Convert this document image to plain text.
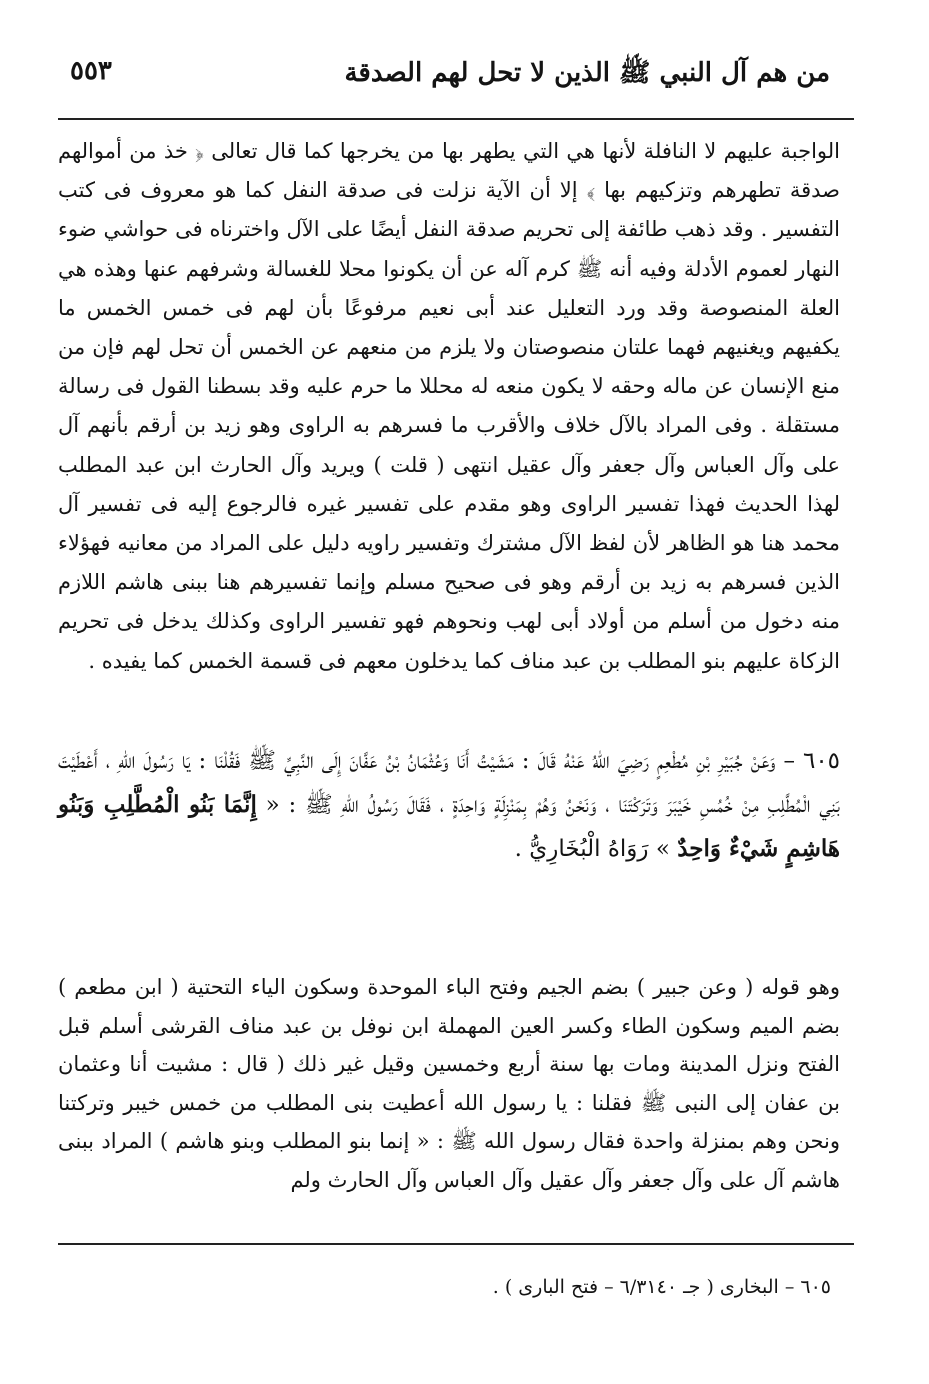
من هم آل النبي ﷺ الذين لا تحل لهم الصدقة
٥٥٣

الواجبة عليهم لا النافلة لأنها هي التي يطهر بها من يخرجها كما قال تعالى ﴿ خذ من أموالهم صدقة تطهرهم وتزكيهم بها ﴾ إلا أن الآية نزلت فى صدقة النفل كما هو معروف فى كتب التفسير . وقد ذهب طائفة إلى تحريم صدقة النفل أيضًا على الآل واخترناه فى حواشي ضوء النهار لعموم الأدلة وفيه أنه ﷺ كرم آله عن أن يكونوا محلا للغسالة وشرفهم عنها وهذه هي العلة المنصوصة وقد ورد التعليل عند أبى نعيم مرفوعًا بأن لهم فى خمس الخمس ما يكفيهم ويغنيهم فهما علتان منصوصتان ولا يلزم من منعهم عن الخمس أن تحل لهم فإن من منع الإنسان عن ماله وحقه لا يكون منعه له محللا ما حرم عليه وقد بسطنا القول فى رسالة مستقلة . وفى المراد بالآل خلاف والأقرب ما فسرهم به الراوى وهو زيد بن أرقم بأنهم آل على وآل العباس وآل جعفر وآل عقيل انتهى ( قلت ) ويريد وآل الحارث ابن عبد المطلب لهذا الحديث فهذا تفسير الراوى وهو مقدم على تفسير غيره فالرجوع إليه فى تفسير آل محمد هنا هو الظاهر لأن لفظ الآل مشترك وتفسير راويه دليل على المراد من معانيه فهؤلاء الذين فسرهم به زيد بن أرقم وهو فى صحيح مسلم وإنما تفسيرهم هنا ببنى هاشم اللازم منه دخول من أسلم من أولاد أبى لهب ونحوهم فهو تفسير الراوى وكذلك يدخل فى تحريم الزكاة عليهم بنو المطلب بن عبد مناف كما يدخلون معهم فى قسمة الخمس كما يفيده .

٦٠٥ – وَعَنْ جُبَيْرِ بْنِ مُطْعِمٍ رَضِيَ اللهُ عَنْهُ قَالَ : مَشَيْتُ أَنَا وَعُثْمَانُ بْنُ عَفَّانَ إِلَى النَّبِيِّ ﷺ فَقُلْنَا : يَا رَسُولَ اللهِ ، أَعْطَيْتَ بَنِي الْمُطَّلِبِ مِنْ خُمُسِ خَيْبَرَ وَتَرَكْتَنَا ، وَنَحْنُ وَهُمْ بِمَنْزِلَةٍ وَاحِدَةٍ ، فَقَالَ رَسُولُ اللهِ ﷺ : « إِنَّمَا بَنُو الْمُطَّلِبِ وَبَنُو هَاشِمٍ شَيْءٌ وَاحِدٌ » رَوَاهُ الْبُخَارِيُّ .

وهو قوله ( وعن جبير ) بضم الجيم وفتح الباء الموحدة وسكون الياء التحتية ( ابن مطعم ) بضم الميم وسكون الطاء وكسر العين المهملة ابن نوفل بن عبد مناف القرشى أسلم قبل الفتح ونزل المدينة ومات بها سنة أربع وخمسين وقيل غير ذلك ( قال : مشيت أنا وعثمان بن عفان إلى النبى ﷺ فقلنا : يا رسول الله أعطيت بنى المطلب من خمس خيبر وتركتنا ونحن وهم بمنزلة واحدة فقال رسول الله ﷺ : « إنما بنو المطلب وبنو هاشم ) المراد ببنى هاشم آل على وآل جعفر وآل عقيل وآل العباس وآل الحارث ولم

٦٠٥ – البخارى ( جـ ٦/٣١٤٠ – فتح البارى ) .
